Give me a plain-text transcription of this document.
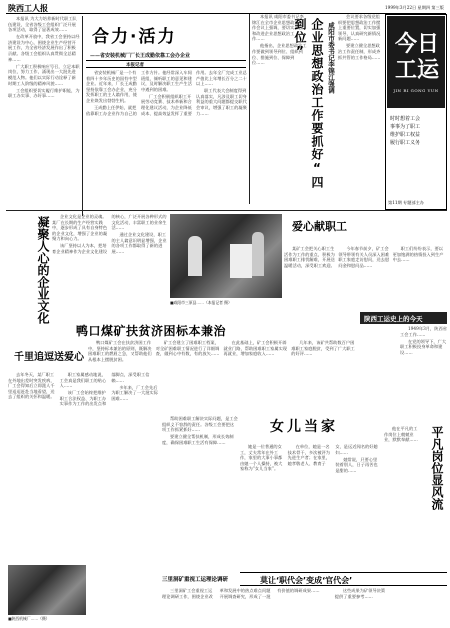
陕西工人报	1999年3月22日 星期四 第三版

本报讯 为大力培养新时代职工队伍建设，全省各级工会组织广泛开展各项活动，取得了显著成效……

在改革开放中，我省工会坚持以经济建设为中心，围绕企业生产经营开展工作，为全省经济发展作出了积极贡献。各级工会组织认真贯彻全总精神……

广大职工积极响应号召，立足本职岗位，努力工作，涌现出一大批先进模范人物。他们以实际行动诠释了新时期工人阶级的精神风貌……

工会组织要切实履行维护职能，为职工办实事、办好事……

合力·活力
——省安装机械厂厂长王成勤依靠工会办企业
本报记者

省安装机械厂是一个有着四十多年历史的国有中型企业。近年来，厂长王成勤坚持依靠工会办企业，充分发挥职工的主人翁作用，使企业焕发出勃勃生机。

王成勤上任伊始，就把依靠职工办企业作为自己的工作方针。他经常深入车间班组，倾听职工的意见和建议，及时解决职工生产生活中遇到的困难。

厂工会积极组织职工开展劳动竞赛、技术革新和合理化建议活动，为企业降低成本、提高效益发挥了重要作用。去年全厂完成工业总产值比上年增长百分之二十以上……

职工代表大会制度得到认真落实，凡涉及职工切身利益的重大问题都提交职代会审议，增强了职工的凝聚力……

本报讯 咸阳市委书记李锦江在全市企业思想政治工作会议上强调，要切实加强和改进企业思想政治工作……

他指出，企业思想政治工作要做到领导到位、组织到位、措施到位、保障到位……	企业思想政治工作要抓好“四到位”	咸阳市委书记李锦江强调

会议要求各级党组织要把思想政治工作摆上重要位置，切实加强领导，认真研究新情况新问题……

要建立健全思想政治工作责任制，形成齐抓共管的工作格局……

今日工运
JIN RI GONG YUN
时时想着工会
事事为了职工
维护职工权益
履行职工义务
第11期 专题部主办
凝聚人心的企业文化	企业文化是企业的灵魂。某厂在长期的生产经营实践中，逐步形成了具有自身特色的企业文化，增强了企业的凝聚力和向心力。

该厂坚持以人为本，把培育企业精神作为企业文化建设的核心，广泛开展各种形式的文化活动，丰富职工的业余生活……

通过企业文化建设，职工的主人翁意识明显增强，企业的各项工作都取得了新的进展……

■咸阳市三原县……（本报记者 摄）
爱心献职工

某矿工会把关心职工生活作为工作的重点，积极为困难职工排忧解难，开展送温暖活动，深受职工欢迎。

今年春节前夕，矿工会领导带领有关人员深入困难职工家庭走访慰问，送去慰问金和慰问品……

职工们纷纷表示，要以更加饱满的热情投入到生产中去……

陕西工运史上的今天
鸭口煤矿扶贫济困标本兼治

鸭口煤矿工会在扶贫济困工作中，坚持标本兼治的原则，既解决困难职工的燃眉之急，又帮助他们从根本上摆脱贫困。

矿工会建立了困难职工档案，对全矿困难职工情况进行了详细调查，做到心中有数，有的放矢……

在此基础上，矿工会积极开辟就业门路，帮助困难职工家属实现再就业，增加家庭收入……

几年来，该矿共帮助数百户困难职工家庭脱贫，受到了广大职工的好评……

1949年3月，陕西省工会工作……

在党的领导下，广大职工积极投身革命和建设……

千里追逗送爱心

去年冬天，某厂职工在外地出差时突发疾病，厂工会得知后立即派人千里迢迢赶赴当地看望，送去了组织的关怀和温暖。

职工家属感动地说，工会真是我们职工的贴心人……

该厂工会始终把维护职工合法权益、为职工办实事作为工作的出发点和落脚点，深受职工信赖……

多年来，厂工会先后为职工解决了一大批实际困难……

■陕西机械厂……（摄）
女儿当家

她是一位普通的女工，丈夫常年在外工作，家里的大事小事都由她一个人操持，被大家称为“女儿当家”。

在单位，她是一名技术骨干，多次被评为先进生产者；在家里，她孝敬老人、教育子女，是远近闻名的好媳妇……

她常说，只要心里装着别人，日子再苦也是甜的……	平凡岗位显风流

他在平凡的工作岗位上兢兢业业，默默奉献……

帮助困难职工解决实际问题，是工会组织义不容辞的责任。各级工会要把这项工作抓紧抓好……

要建立健全帮扶机制，形成长效制度，确保困难职工生活有保障……

莫让‘职代会’变成‘官代会’
三里洞矿重视工运理论调研

三里洞矿工会重视工运理论调研工作，围绕企业改革和发展中的热点难点问题开展调查研究，形成了一批有价值的调研成果……	这些成果为矿领导决策提供了重要参考……
